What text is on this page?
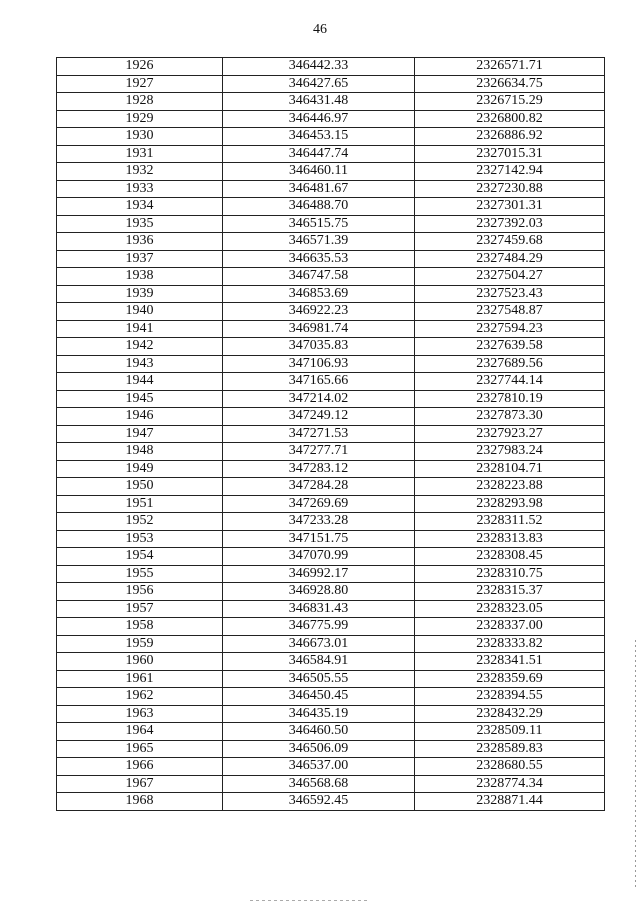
46
1926	346442.33	2326571.71
1927	346427.65	2326634.75
1928	346431.48	2326715.29
1929	346446.97	2326800.82
1930	346453.15	2326886.92
1931	346447.74	2327015.31
1932	346460.11	2327142.94
1933	346481.67	2327230.88
1934	346488.70	2327301.31
1935	346515.75	2327392.03
1936	346571.39	2327459.68
1937	346635.53	2327484.29
1938	346747.58	2327504.27
1939	346853.69	2327523.43
1940	346922.23	2327548.87
1941	346981.74	2327594.23
1942	347035.83	2327639.58
1943	347106.93	2327689.56
1944	347165.66	2327744.14
1945	347214.02	2327810.19
1946	347249.12	2327873.30
1947	347271.53	2327923.27
1948	347277.71	2327983.24
1949	347283.12	2328104.71
1950	347284.28	2328223.88
1951	347269.69	2328293.98
1952	347233.28	2328311.52
1953	347151.75	2328313.83
1954	347070.99	2328308.45
1955	346992.17	2328310.75
1956	346928.80	2328315.37
1957	346831.43	2328323.05
1958	346775.99	2328337.00
1959	346673.01	2328333.82
1960	346584.91	2328341.51
1961	346505.55	2328359.69
1962	346450.45	2328394.55
1963	346435.19	2328432.29
1964	346460.50	2328509.11
1965	346506.09	2328589.83
1966	346537.00	2328680.55
1967	346568.68	2328774.34
1968	346592.45	2328871.44
